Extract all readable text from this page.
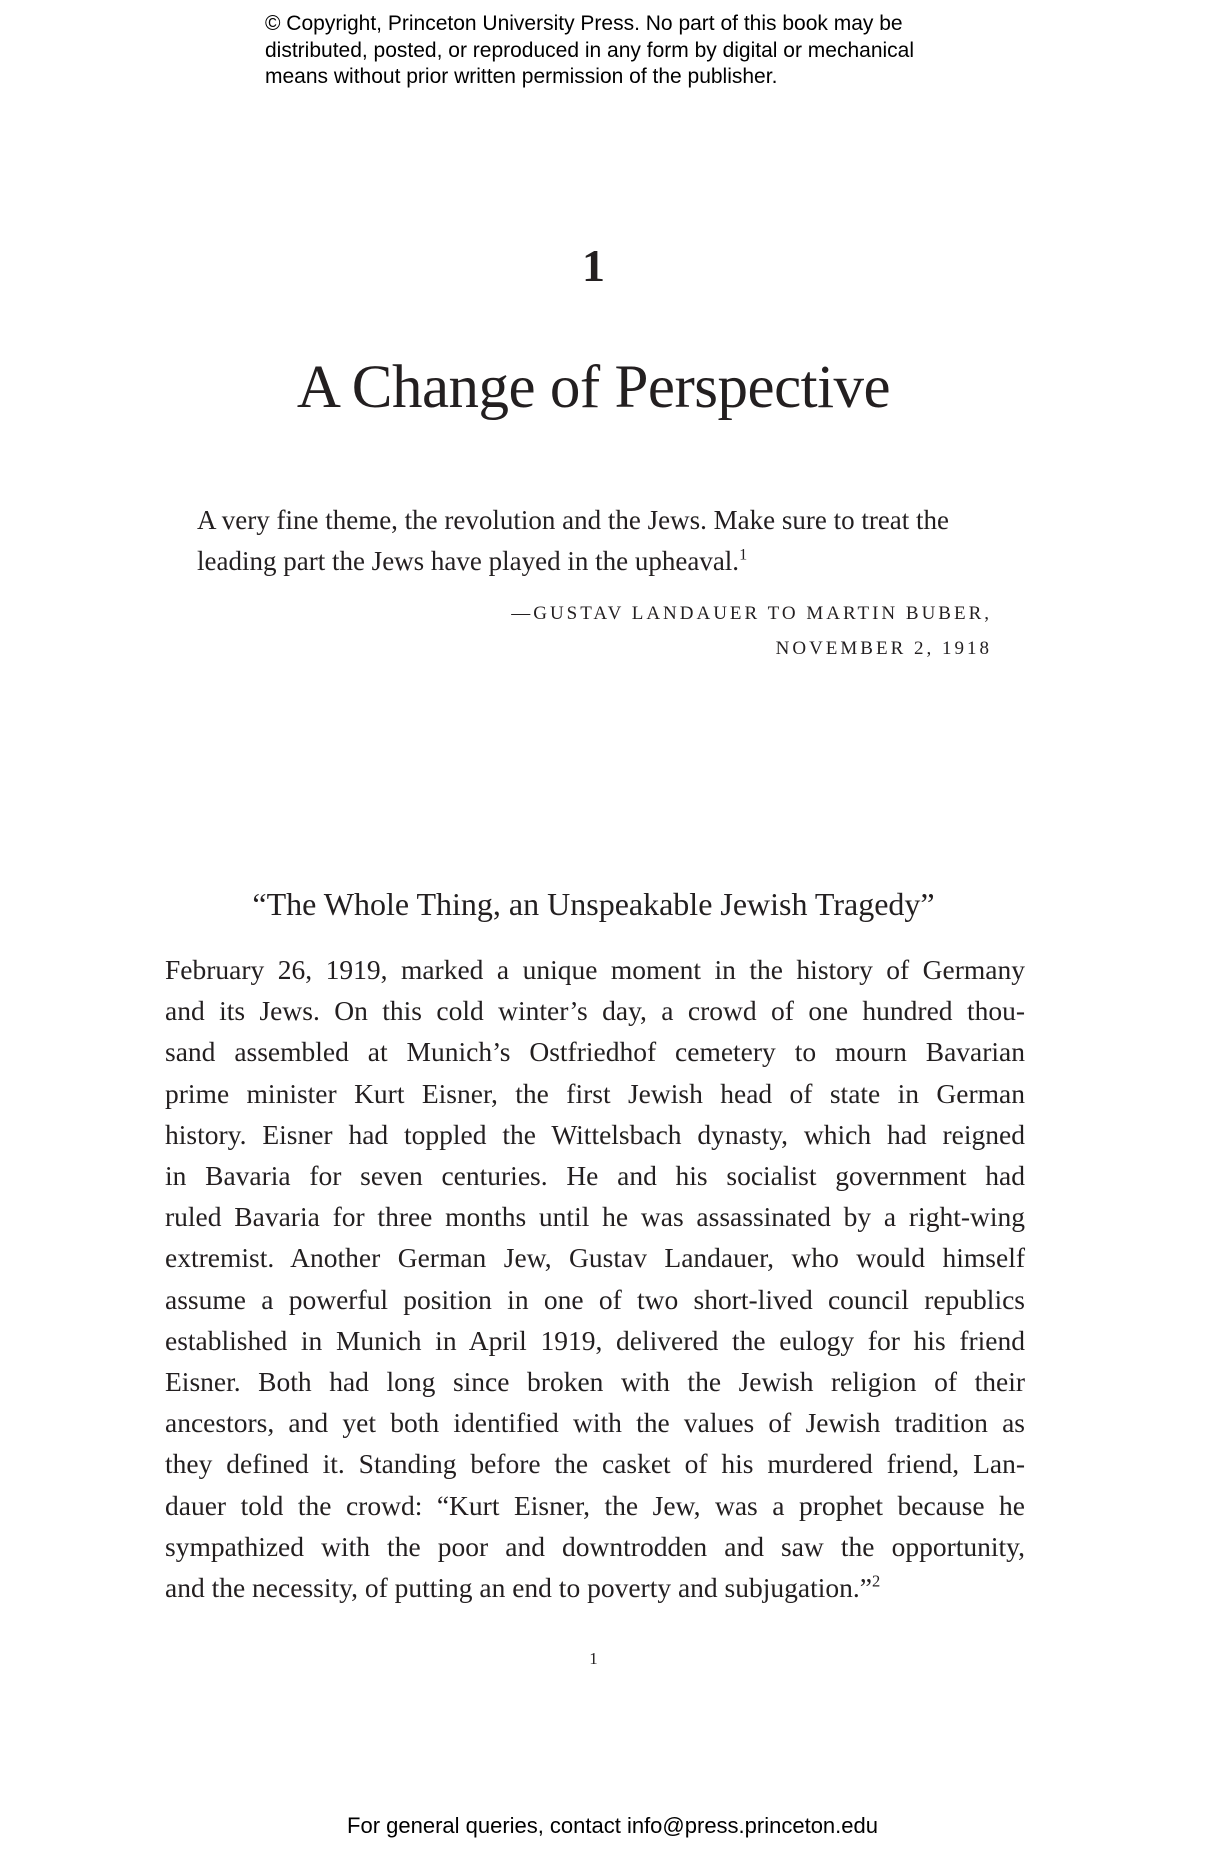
© Copyright, Princeton University Press. No part of this book may be
distributed, posted, or reproduced in any form by digital or mechanical
means without prior written permission of the publisher.
1
A Change of Perspective
A very fine theme, the revolution and the Jews. Make sure to treat the
leading part the Jews have played in the upheaval.$^1$
—GUSTAV LANDAUER TO MARTIN BUBER,
NOVEMBER 2, 1918
“The Whole Thing, an Unspeakable Jewish Tragedy”
February 26, 1919, marked a unique moment in the history of Germany
and its Jews. On this cold winter’s day, a crowd of one hundred thou-
sand assembled at Munich’s Ostfriedhof cemetery to mourn Bavarian
prime minister Kurt Eisner, the first Jewish head of state in German
history. Eisner had toppled the Wittelsbach dynasty, which had reigned
in Bavaria for seven centuries. He and his socialist government had
ruled Bavaria for three months until he was assassinated by a right-wing
extremist. Another German Jew, Gustav Landauer, who would himself
assume a powerful position in one of two short-lived council republics
established in Munich in April 1919, delivered the eulogy for his friend
Eisner. Both had long since broken with the Jewish religion of their
ancestors, and yet both identified with the values of Jewish tradition as
they defined it. Standing before the casket of his murdered friend, Lan-
dauer told the crowd: “Kurt Eisner, the Jew, was a prophet because he
sympathized with the poor and downtrodden and saw the opportunity,
and the necessity, of putting an end to poverty and subjugation.”$^2$
1
For general queries, contact info@press.princeton.edu
